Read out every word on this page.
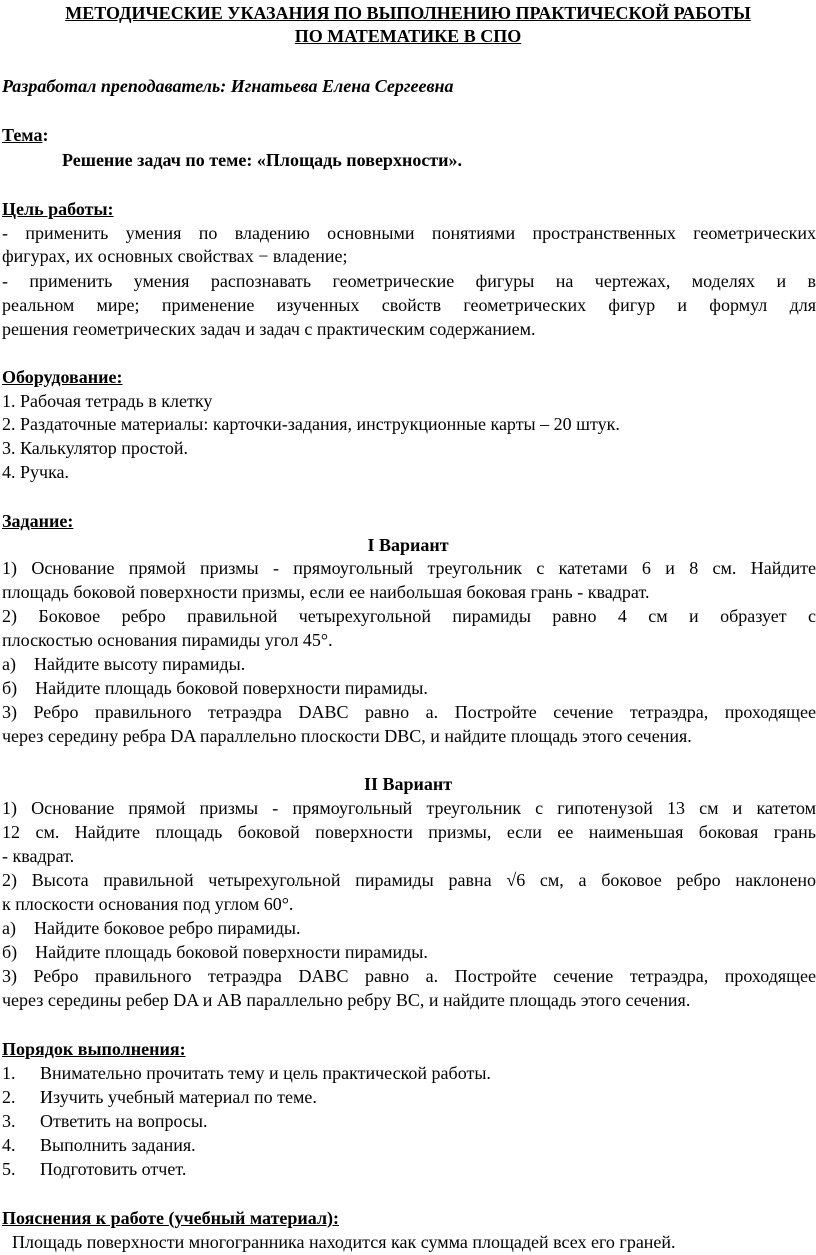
МЕТОДИЧЕСКИЕ УКАЗАНИЯ ПО ВЫПОЛНЕНИЮ ПРАКТИЧЕСКОЙ РАБОТЫ
ПО МАТЕМАТИКЕ В СПО
Разработал преподаватель: Игнатьева Елена Сергеевна
Тема:
Решение задач по теме: «Площадь поверхности».
Цель работы:
- применить умения по владению основными понятиями пространственных геометрических
фигурах, их основных свойствах − владение;
- применить умения распознавать геометрические фигуры на чертежах, моделях и в
реальном мире; применение изученных свойств геометрических фигур и формул для
решения геометрических задач и задач с практическим содержанием.
Оборудование:
1. Рабочая тетрадь в клетку
2. Раздаточные материалы: карточки-задания, инструкционные карты – 20 штук.
3. Калькулятор простой.
4. Ручка.
Задание:
I Вариант
1) Основание прямой призмы - прямоугольный треугольник с катетами 6 и 8 см. Найдите
площадь боковой поверхности призмы, если ее наибольшая боковая грань - квадрат.
2) Боковое ребро правильной четырехугольной пирамиды равно 4 см и образует с
плоскостью основания пирамиды угол 45°.
а)    Найдите высоту пирамиды.
б)    Найдите площадь боковой поверхности пирамиды.
3) Ребро правильного тетраэдра DABC равно a. Постройте сечение тетраэдра, проходящее
через середину ребра DA параллельно плоскости DBC, и найдите площадь этого сечения.
II Вариант
1) Основание прямой призмы - прямоугольный треугольник с гипотенузой 13 см и катетом
12 см. Найдите площадь боковой поверхности призмы, если ее наименьшая боковая грань
- квадрат.
2) Высота правильной четырехугольной пирамиды равна √6 см, а боковое ребро наклонено
к плоскости основания под углом 60°.
а)    Найдите боковое ребро пирамиды.
б)    Найдите площадь боковой поверхности пирамиды.
3) Ребро правильного тетраэдра DABC равно a. Постройте сечение тетраэдра, проходящее
через середины ребер DA и AB параллельно ребру BC, и найдите площадь этого сечения.
Порядок выполнения:
1. Внимательно прочитать тему и цель практической работы.
2. Изучить учебный материал по теме.
3. Ответить на вопросы.
4. Выполнить задания.
5. Подготовить отчет.
Пояснения к работе (учебный материал):
Площадь поверхности многогранника находится как сумма площадей всех его граней.
